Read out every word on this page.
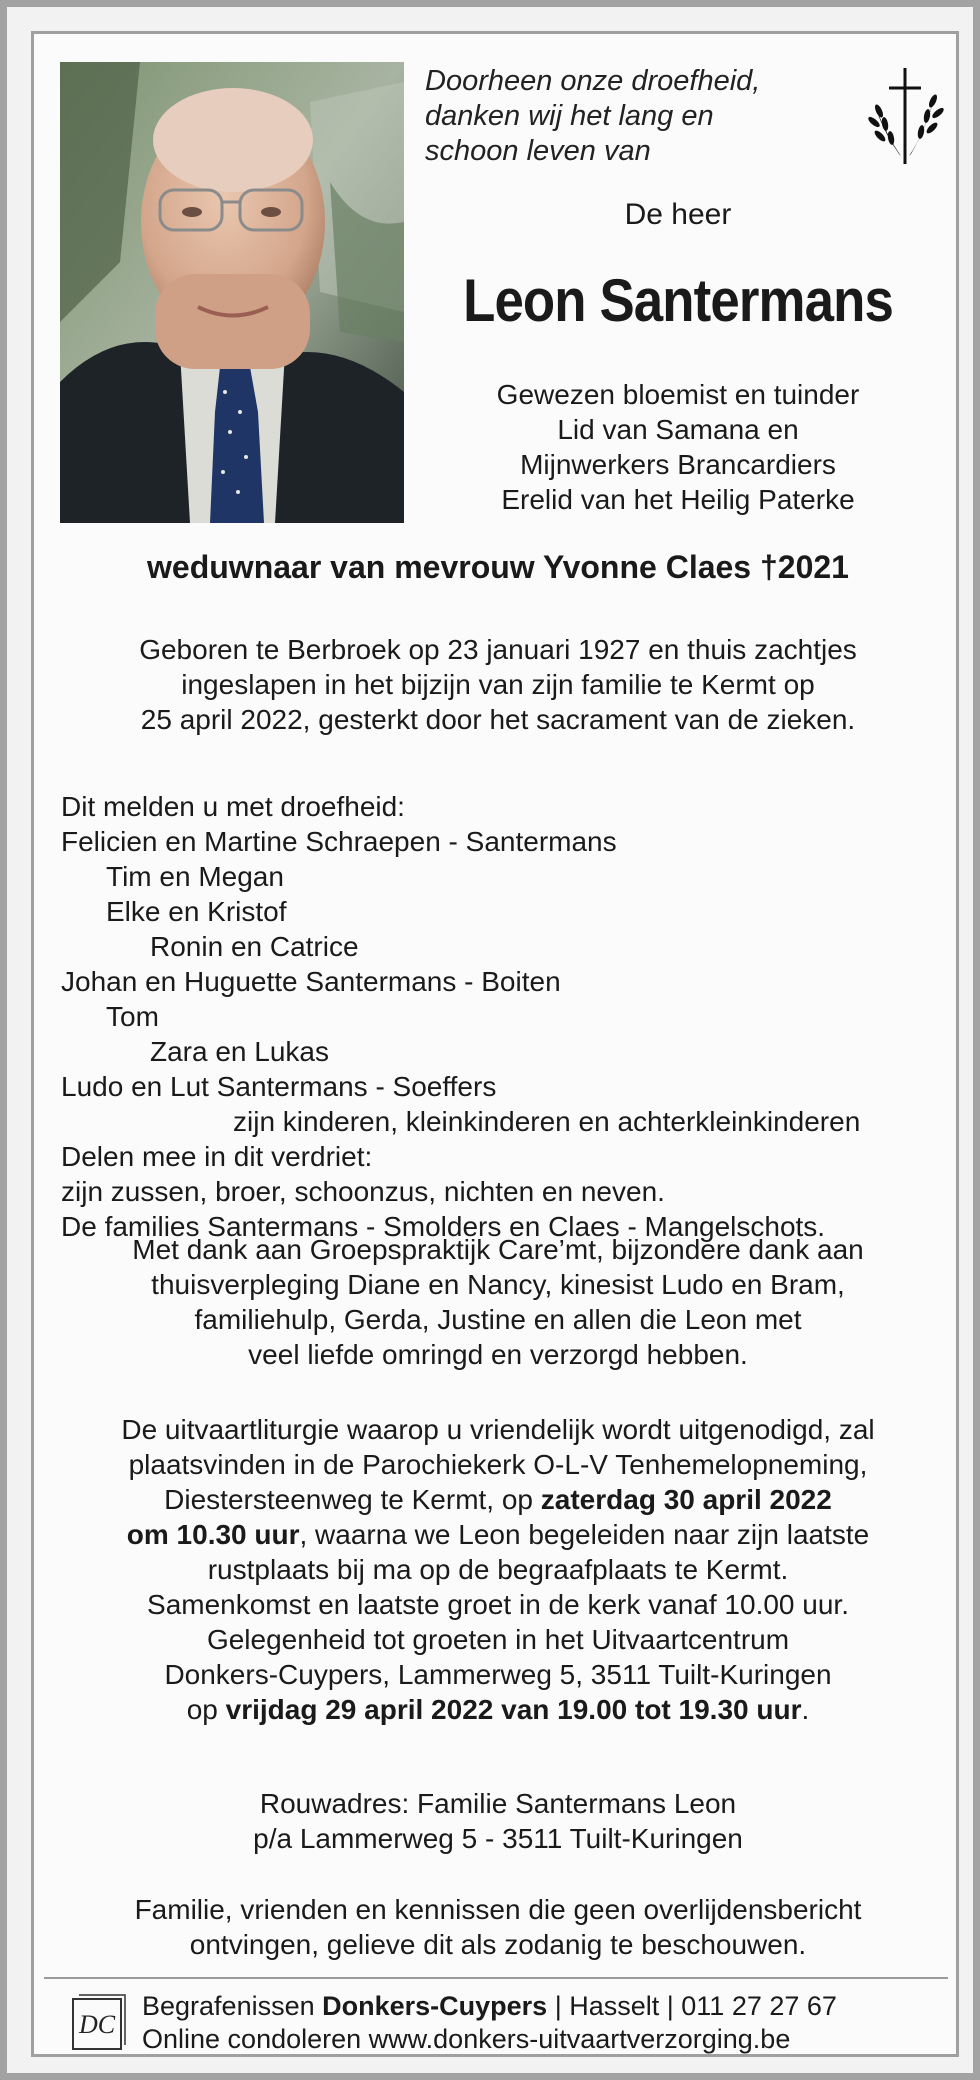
Doorheen onze droefheid,
danken wij het lang en
schoon leven van
De heer
Leon Santermans
Gewezen bloemist en tuinder
Lid van Samana en
Mijnwerkers Brancardiers
Erelid van het Heilig Paterke
weduwnaar van mevrouw Yvonne Claes †2021
Geboren te Berbroek op 23 januari 1927 en thuis zachtjes
ingeslapen in het bijzijn van zijn familie te Kermt op
25 april 2022, gesterkt door het sacrament van de zieken.
Dit melden u met droefheid:
Felicien en Martine Schraepen - Santermans
Tim en Megan
Elke en Kristof
Ronin en Catrice
Johan en Huguette Santermans - Boiten
Tom
Zara en Lukas
Ludo en Lut Santermans - Soeffers
zijn kinderen, kleinkinderen en achterkleinkinderen
Delen mee in dit verdriet:
zijn zussen, broer, schoonzus, nichten en neven.
De families Santermans - Smolders en Claes - Mangelschots.
Met dank aan Groepspraktijk Care’mt, bijzondere dank aan
thuisverpleging Diane en Nancy, kinesist Ludo en Bram,
familiehulp, Gerda, Justine en allen die Leon met
veel liefde omringd en verzorgd hebben.
De uitvaartliturgie waarop u vriendelijk wordt uitgenodigd, zal
plaatsvinden in de Parochiekerk O-L-V Tenhemelopneming,
Diestersteenweg te Kermt, op zaterdag 30 april 2022
om 10.30 uur, waarna we Leon begeleiden naar zijn laatste
rustplaats bij ma op de begraafplaats te Kermt.
Samenkomst en laatste groet in de kerk vanaf 10.00 uur.
Gelegenheid tot groeten in het Uitvaartcentrum
Donkers-Cuypers, Lammerweg 5, 3511 Tuilt-Kuringen
op vrijdag 29 april 2022 van 19.00 tot 19.30 uur.
Rouwadres: Familie Santermans Leon
p/a Lammerweg 5 - 3511 Tuilt-Kuringen
Familie, vrienden en kennissen die geen overlijdensbericht
ontvingen, gelieve dit als zodanig te beschouwen.
DC
Begrafenissen Donkers-Cuypers | Hasselt | 011 27 27 67
Online condoleren www.donkers-uitvaartverzorging.be
